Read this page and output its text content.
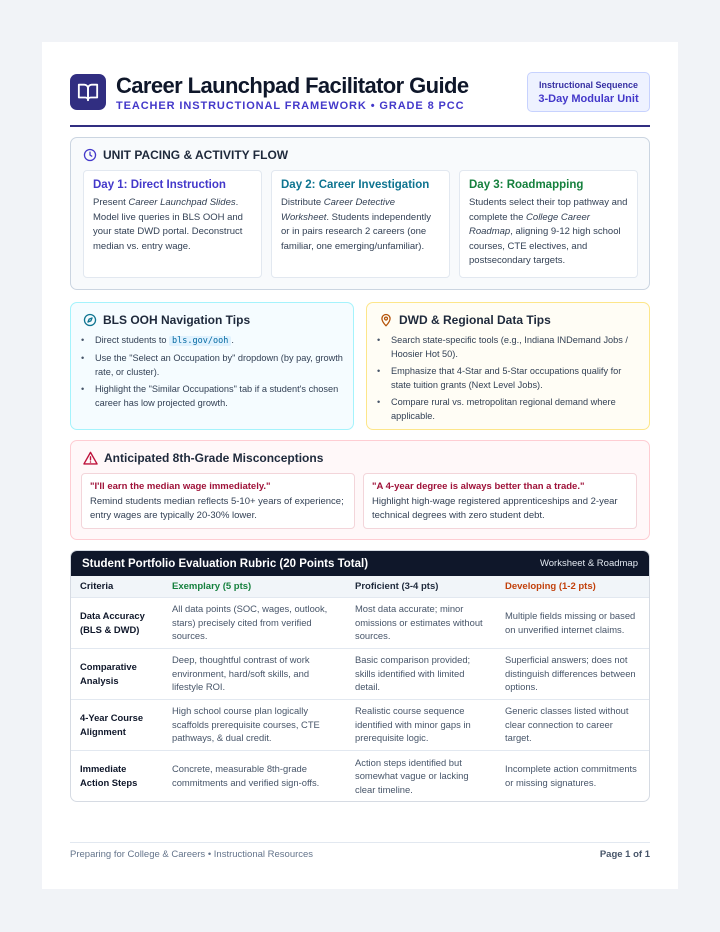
Career Launchpad Facilitator Guide
TEACHER INSTRUCTIONAL FRAMEWORK • GRADE 8 PCC
Instructional Sequence
3-Day Modular Unit
UNIT PACING & ACTIVITY FLOW
Day 1: Direct Instruction

Present Career Launchpad Slides. Model live queries in BLS OOH and your state DWD portal. Deconstruct median vs. entry wage.

Day 2: Career Investigation

Distribute Career Detective Worksheet. Students independently or in pairs research 2 careers (one familiar, one emerging/unfamiliar).

Day 3: Roadmapping

Students select their top pathway and complete the College Career Roadmap, aligning 9-12 high school courses, CTE electives, and postsecondary targets.

BLS OOH Navigation Tips
• Direct students to bls.gov/ooh .
• Use the "Select an Occupation by" dropdown (by pay, growth rate, or cluster).
• Highlight the "Similar Occupations" tab if a student's chosen career has low projected growth.
DWD & Regional Data Tips
• Search state-specific tools (e.g., Indiana INDemand Jobs / Hoosier Hot 50).
• Emphasize that 4-Star and 5-Star occupations qualify for state tuition grants (Next Level Jobs).
• Compare rural vs. metropolitan regional demand where applicable.
Anticipated 8th-Grade Misconceptions
"I'll earn the median wage immediately."

Remind students median reflects 5-10+ years of experience; entry wages are typically 20-30% lower.

"A 4-year degree is always better than a trade."

Highlight high-wage registered apprenticeships and 2-year technical degrees with zero student debt.

Student Portfolio Evaluation Rubric (20 Points Total)	Worksheet & Roadmap
Criteria	Exemplary (5 pts)	Proficient (3-4 pts)	Developing (1-2 pts)
Data Accuracy (BLS & DWD)	All data points (SOC, wages, outlook, stars) precisely cited from verified sources.	Most data accurate; minor omissions or estimates without sources.	Multiple fields missing or based on unverified internet claims.
Comparative Analysis	Deep, thoughtful contrast of work environment, hard/soft skills, and lifestyle ROI.	Basic comparison provided; skills identified with limited detail.	Superficial answers; does not distinguish differences between options.
4-Year Course Alignment	High school course plan logically scaffolds prerequisite courses, CTE pathways, & dual credit.	Realistic course sequence identified with minor gaps in prerequisite logic.	Generic classes listed without clear connection to career target.
Immediate Action Steps	Concrete, measurable 8th-grade commitments and verified sign-offs.	Action steps identified but somewhat vague or lacking clear timeline.	Incomplete action commitments or missing signatures.
Preparing for College & Careers • Instructional Resources	Page 1 of 1
